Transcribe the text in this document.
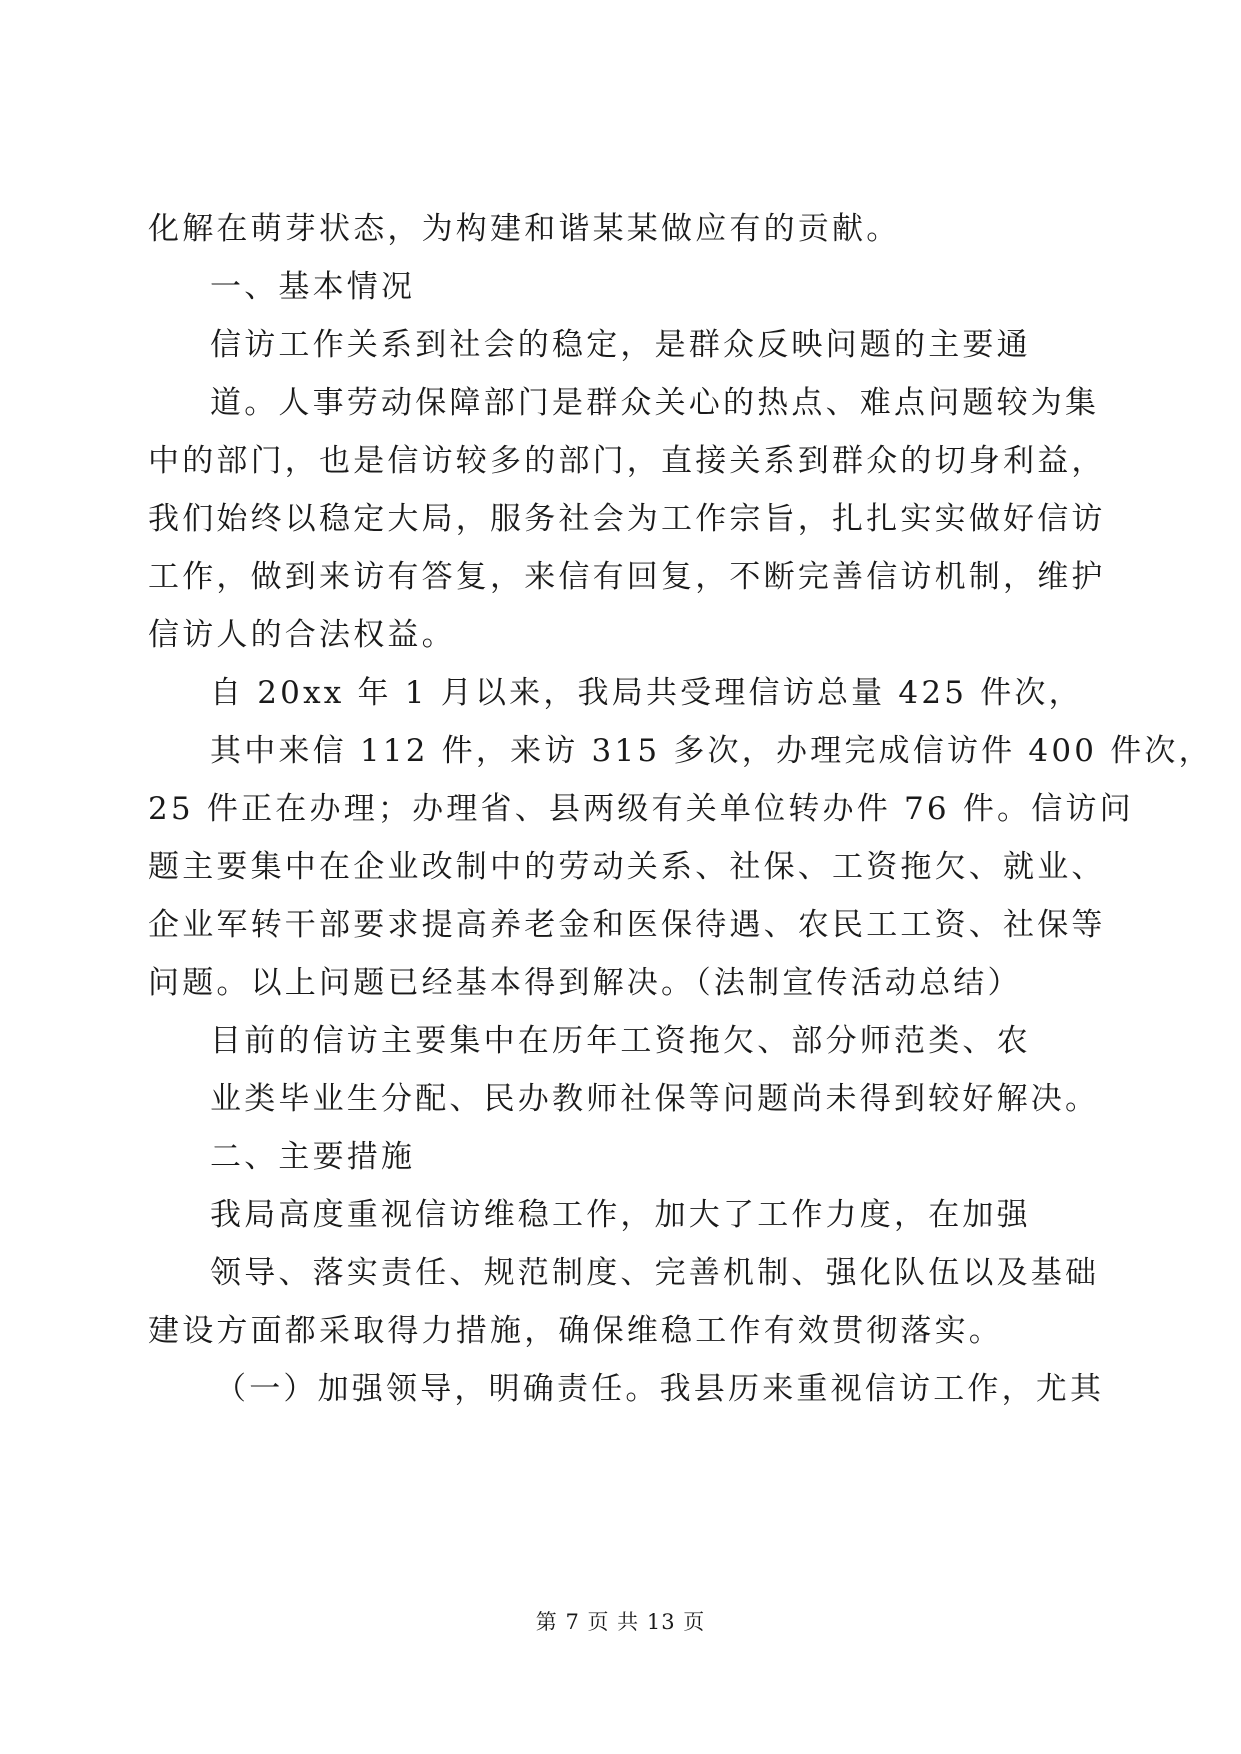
化解在萌芽状态，为构建和谐某某做应有的贡献。
一、基本情况
信访工作关系到社会的稳定，是群众反映问题的主要通
道。人事劳动保障部门是群众关心的热点、难点问题较为集
中的部门，也是信访较多的部门，直接关系到群众的切身利益，
我们始终以稳定大局，服务社会为工作宗旨，扎扎实实做好信访
工作，做到来访有答复，来信有回复，不断完善信访机制，维护
信访人的合法权益。
自 20xx 年 1 月以来，我局共受理信访总量 425 件次，
其中来信 112 件，来访 315 多次，办理完成信访件 400 件次，
25 件正在办理；办理省、县两级有关单位转办件 76 件。信访问
题主要集中在企业改制中的劳动关系、社保、工资拖欠、就业、
企业军转干部要求提高养老金和医保待遇、农民工工资、社保等
问题。以上问题已经基本得到解决。（法制宣传活动总结）
目前的信访主要集中在历年工资拖欠、部分师范类、农
业类毕业生分配、民办教师社保等问题尚未得到较好解决。
二、主要措施
我局高度重视信访维稳工作，加大了工作力度，在加强
领导、落实责任、规范制度、完善机制、强化队伍以及基础
建设方面都采取得力措施，确保维稳工作有效贯彻落实。
（一）加强领导，明确责任。我县历来重视信访工作，尤其
第 7 页 共 13 页
